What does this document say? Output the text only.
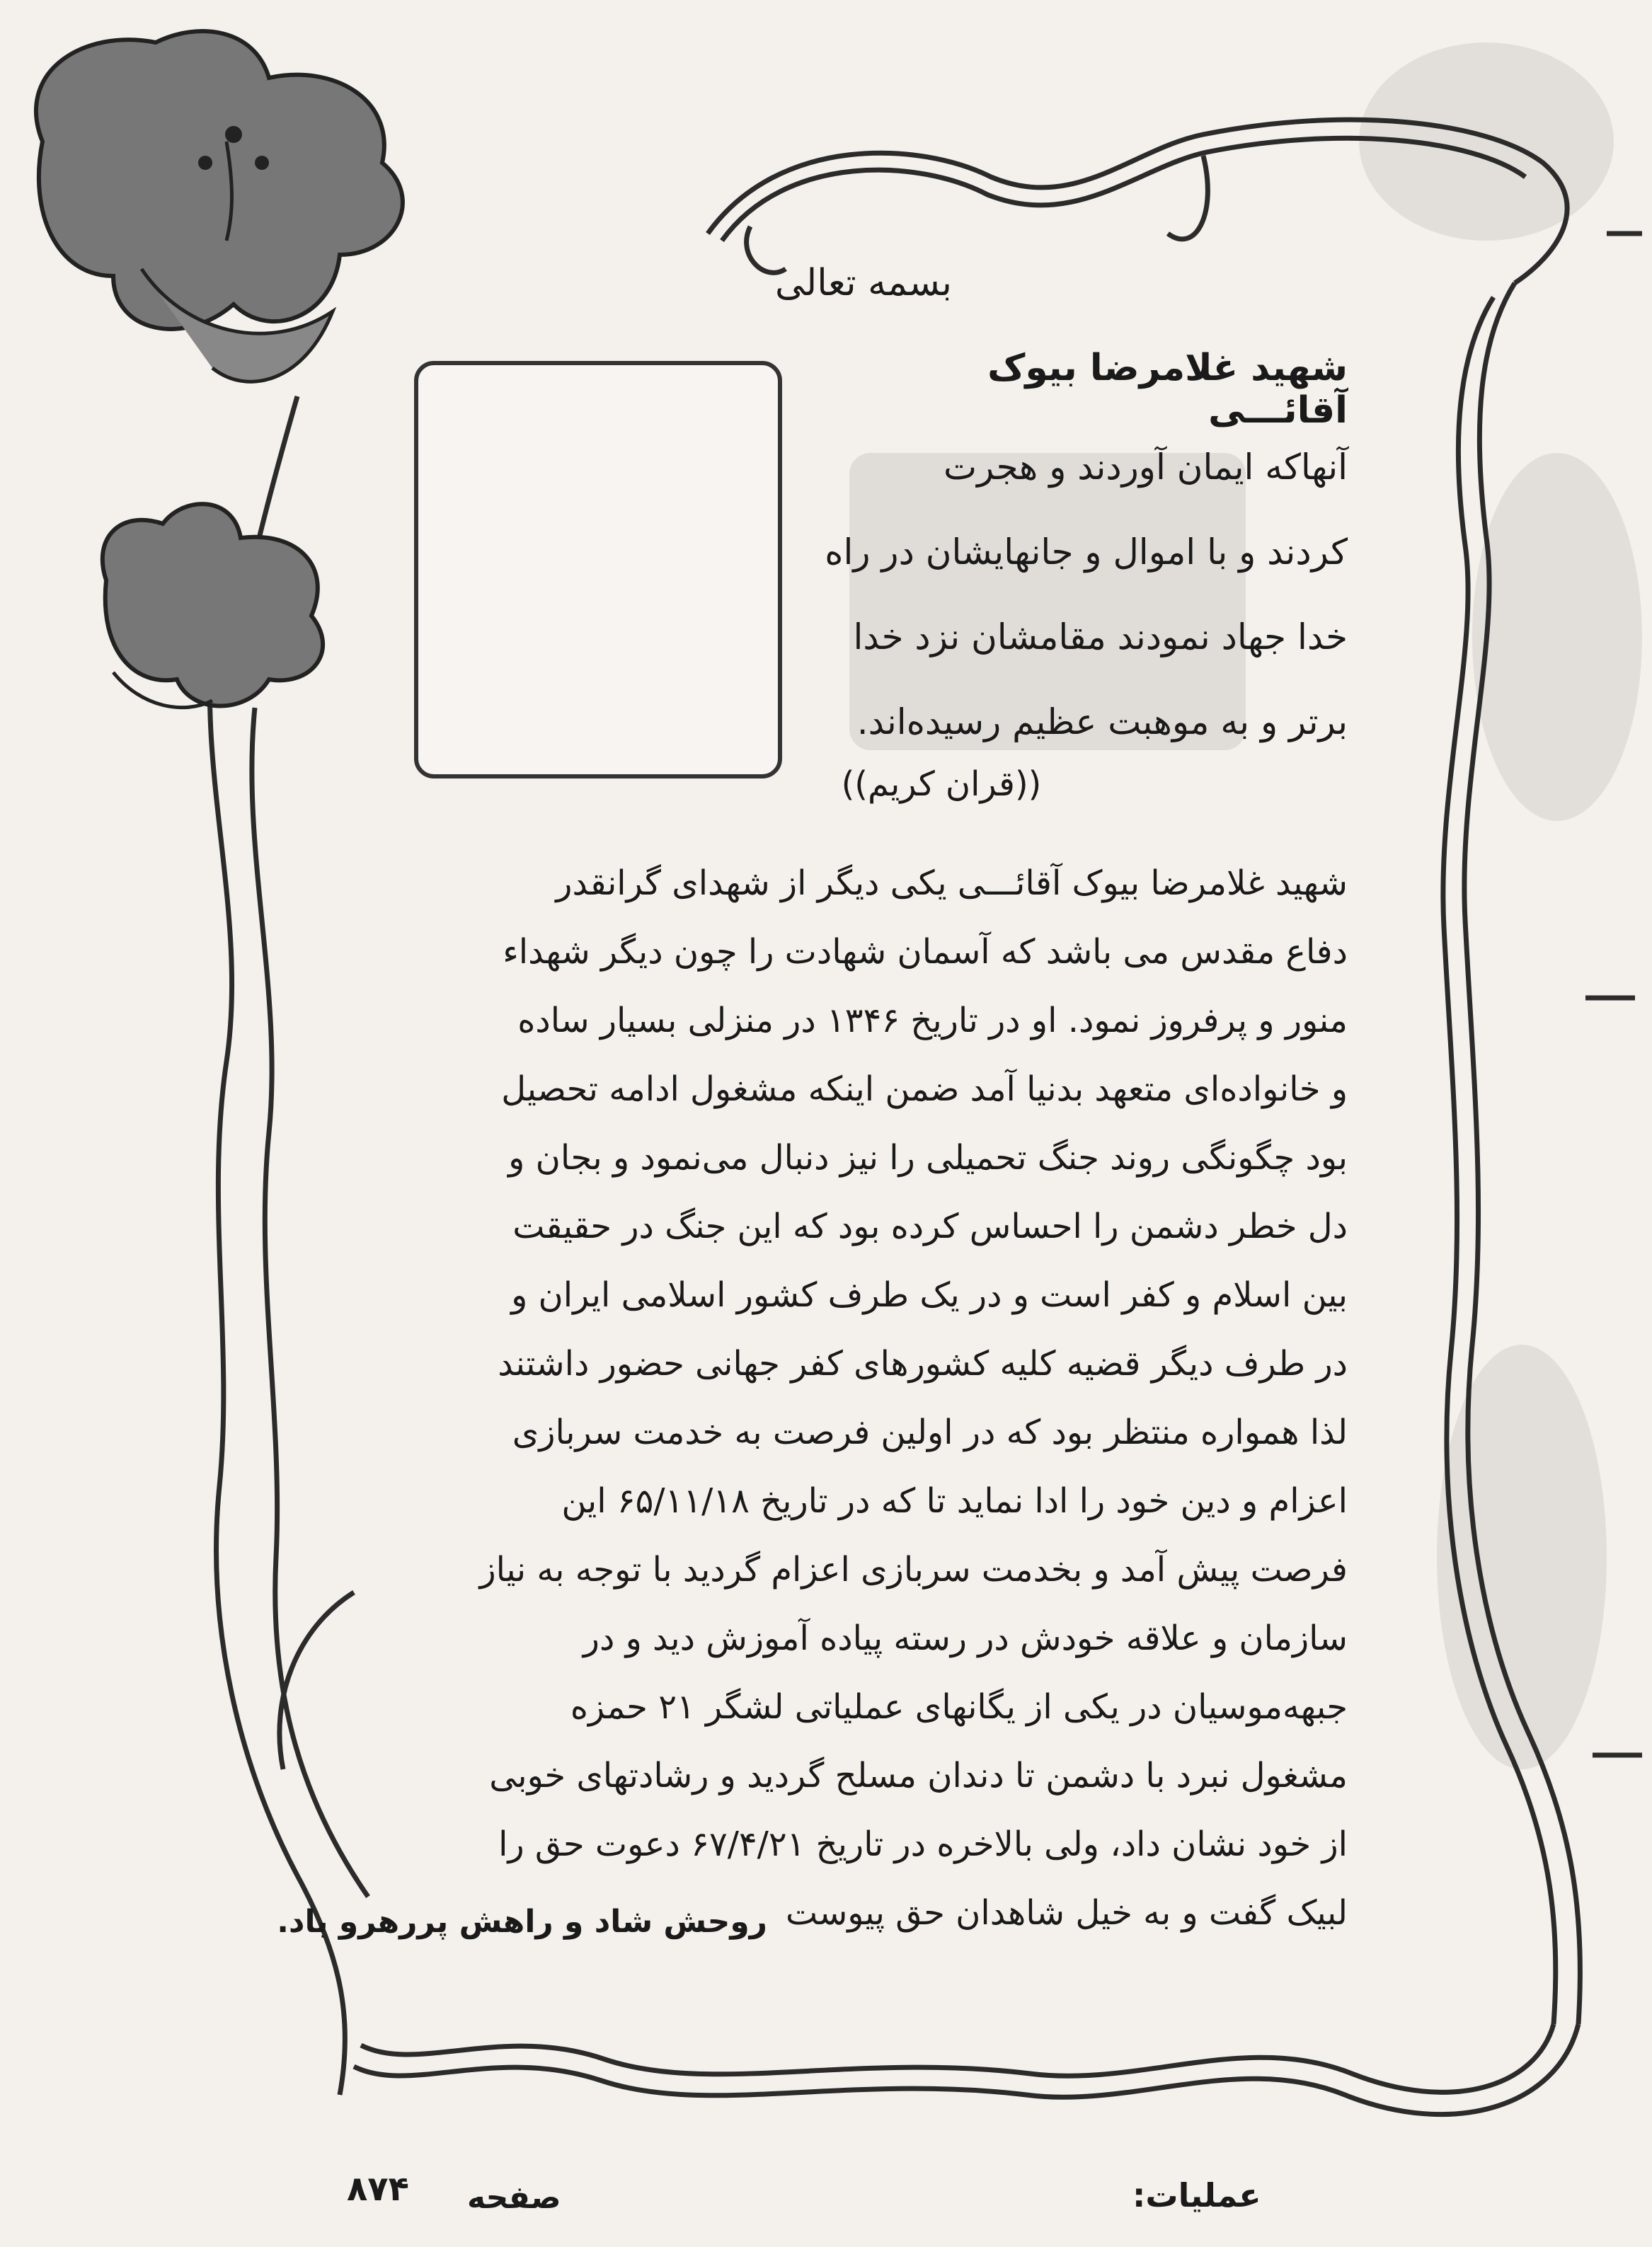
بسمه تعالی
شهید غلامرضا بیوک آقائـــی
آنهاکه ایمان آوردند و هجرت
کردند و با اموال و جانهایشان در راه
خدا جهاد نمودند مقامشان نزد خدا
برتر و به موهبت عظیم رسیده‌اند.
((قران کریم))
شهید غلامرضا بیوک آقائـــی یکی دیگر از شهدای گرانقدر
دفاع مقدس می باشد که آسمان شهادت را چون دیگر شهداء
منور و پرفروز نمود. او در تاریخ ۱۳۴۶ در منزلی بسیار ساده
و خانواده‌ای متعهد بدنیا آمد ضمن اینکه مشغول ادامه تحصیل
بود چگونگی روند جنگ تحمیلی را نیز دنبال می‌نمود و بجان و
دل خطر دشمن را احساس کرده بود که این جنگ در حقیقت
بین اسلام و کفر است و در یک طرف کشور اسلامی ایران و
در طرف دیگر قضیه کلیه کشورهای کفر جهانی حضور داشتند
لذا همواره منتظر بود که در اولین فرصت به خدمت سربازی
اعزام و دین خود را ادا نماید تا که در تاریخ ۶۵/۱۱/۱۸ این
فرصت پیش آمد و بخدمت سربازی اعزام گردید با توجه به نیاز
سازمان و علاقه خودش در رسته پیاده آموزش دید و در
جبهه‌موسیان در یکی از یگانهای عملیاتی لشگر ۲۱ حمزه
مشغول نبرد با دشمن تا دندان مسلح گردید و رشادتهای خوبی
از خود نشان داد، ولی بالاخره در تاریخ ۶۷/۴/۲۱ دعوت حق را
لبیک گفت و به خیل شاهدان حق پیوست
روحش شاد و راهش پررهرو باد.
صفحه
۸۷۴	عملیات:
